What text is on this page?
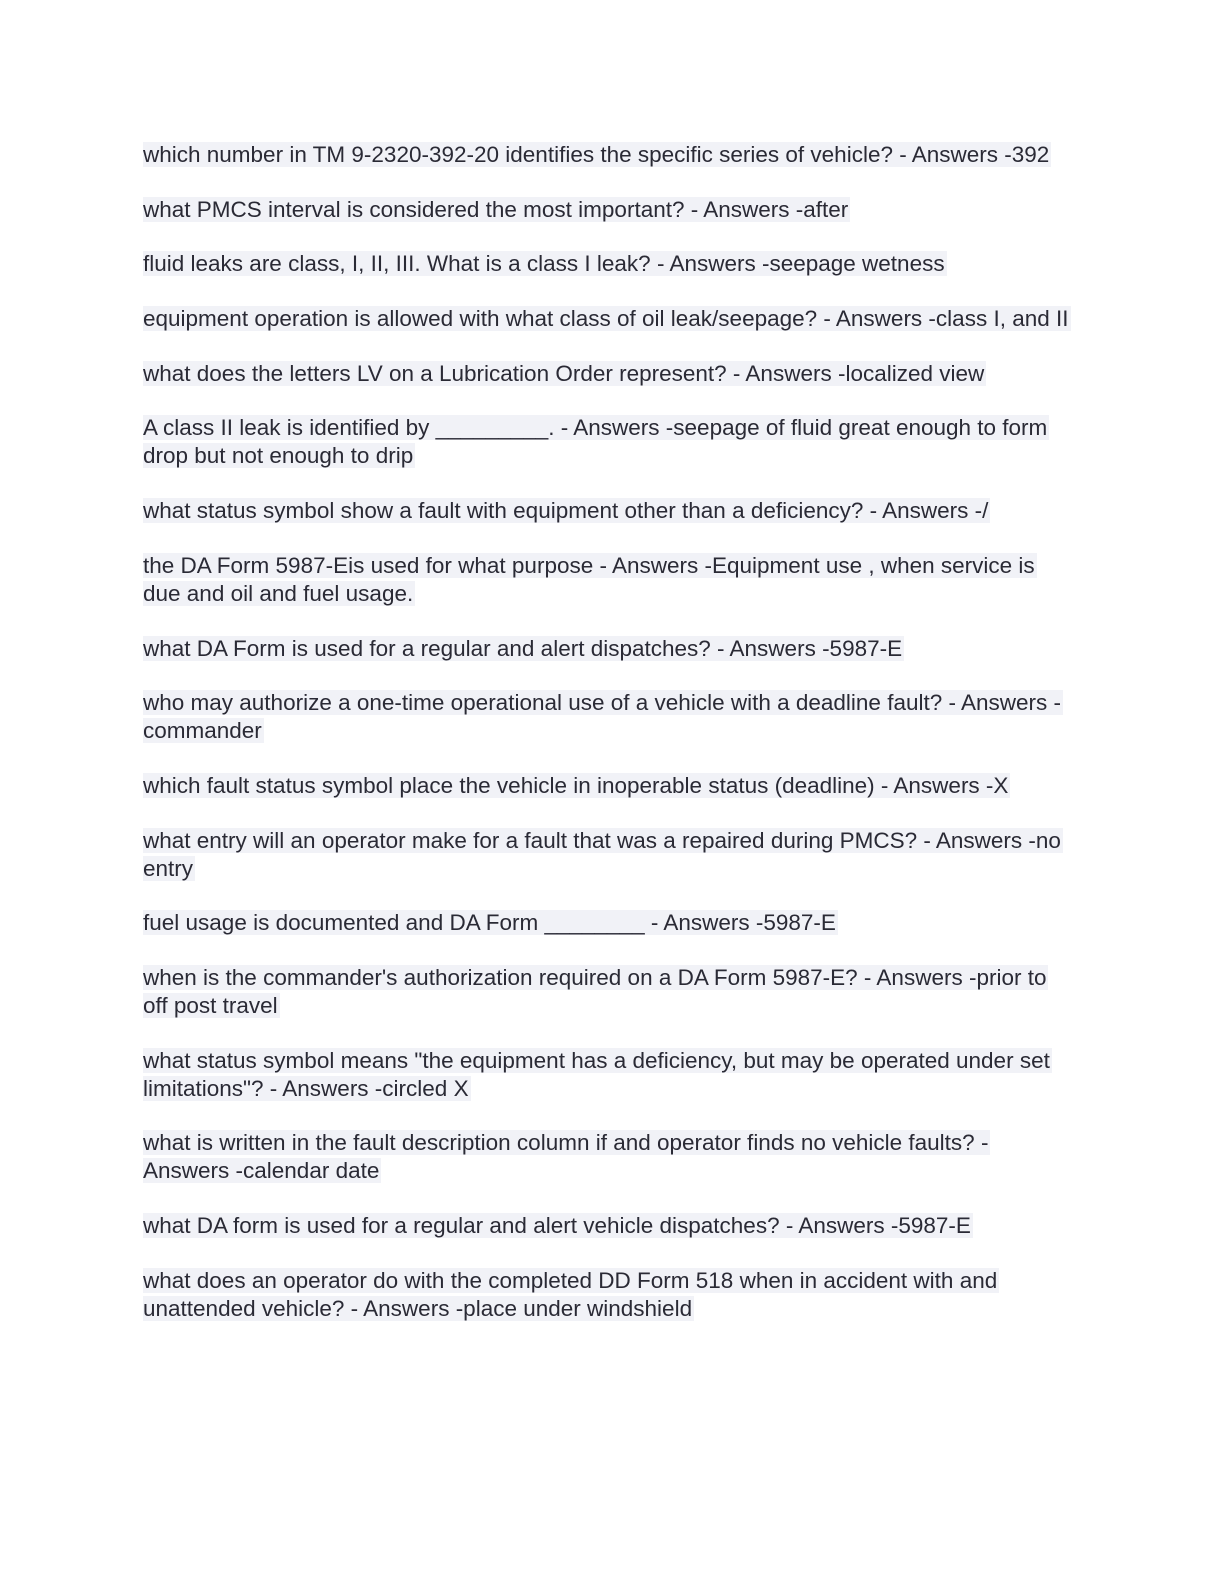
which number in TM 9-2320-392-20 identifies the specific series of vehicle? - Answers -392

what PMCS interval is considered the most important? - Answers -after

fluid leaks are class, I, II, III. What is a class I leak? - Answers -seepage wetness

equipment operation is allowed with what class of oil leak/seepage? - Answers -class I, and II

what does the letters LV on a Lubrication Order represent? - Answers -localized view

A class II leak is identified by _________. - Answers -seepage of fluid great enough to form drop but not enough to drip

what status symbol show a fault with equipment other than a deficiency? - Answers -/

the DA Form 5987-Eis used for what purpose - Answers -Equipment use , when service is due and oil and fuel usage.

what DA Form is used for a regular and alert dispatches? - Answers -5987-E

who may authorize a one-time operational use of a vehicle with a deadline fault? - Answers -commander

which fault status symbol place the vehicle in inoperable status (deadline) - Answers -X

what entry will an operator make for a fault that was a repaired during PMCS? - Answers -no entry

fuel usage is documented and DA Form ________ - Answers -5987-E

when is the commander's authorization required on a DA Form 5987-E? - Answers -prior to off post travel

what status symbol means "the equipment has a deficiency, but may be operated under set limitations"? - Answers -circled X

what is written in the fault description column if and operator finds no vehicle faults? - Answers -calendar date

what DA form is used for a regular and alert vehicle dispatches? - Answers -5987-E

what does an operator do with the completed DD Form 518 when in accident with and unattended vehicle? - Answers -place under windshield
